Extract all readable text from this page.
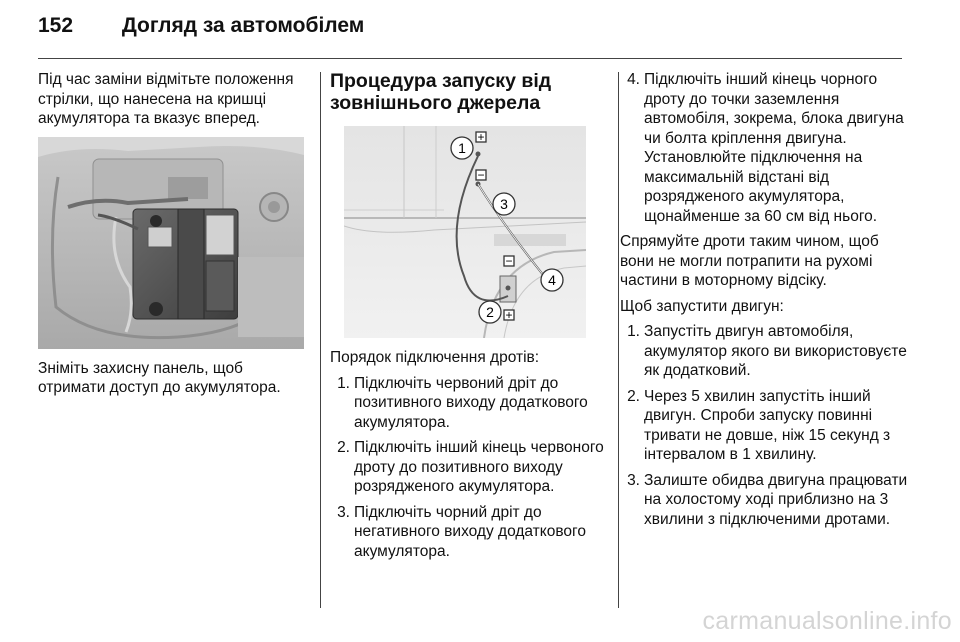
152 Догляд за автомобілем

Під час заміни відмітьте положення стрілки, що нанесена на кришці акумулятора та вказує вперед.

Зніміть захисну панель, щоб отримати доступ до акумулятора.

Процедура запуску від зовнішнього джерела
+
−
−
+
1
2
3
4

Порядок підключення дротів:

1. Підключіть червоний дріт до позитивного виходу додаткового акумулятора.
2. Підключіть інший кінець червоного дроту до позитивного виходу розрядженого акумулятора.
3. Підключіть чорний дріт до негативного виходу додаткового акумулятора.
4. Підключіть інший кінець чорного дроту до точки заземлення автомобіля, зокрема, блока двигуна чи болта кріплення двигуна. Установлюйте підключення на максимальній відстані від розрядженого акумулятора, щонайменше за 60 см від нього.

Спрямуйте дроти таким чином, щоб вони не могли потрапити на рухомі частини в моторному відсіку.

Щоб запустити двигун:

1. Запустіть двигун автомобіля, акумулятор якого ви використовуєте як додатковий.
2. Через 5 хвилин запустіть інший двигун. Спроби запуску повинні тривати не довше, ніж 15 секунд з інтервалом в 1 хвилину.
3. Залиште обидва двигуна працювати на холостому ході приблизно на 3 хвилини з підключеними дротами.
carmanualsonline.info
